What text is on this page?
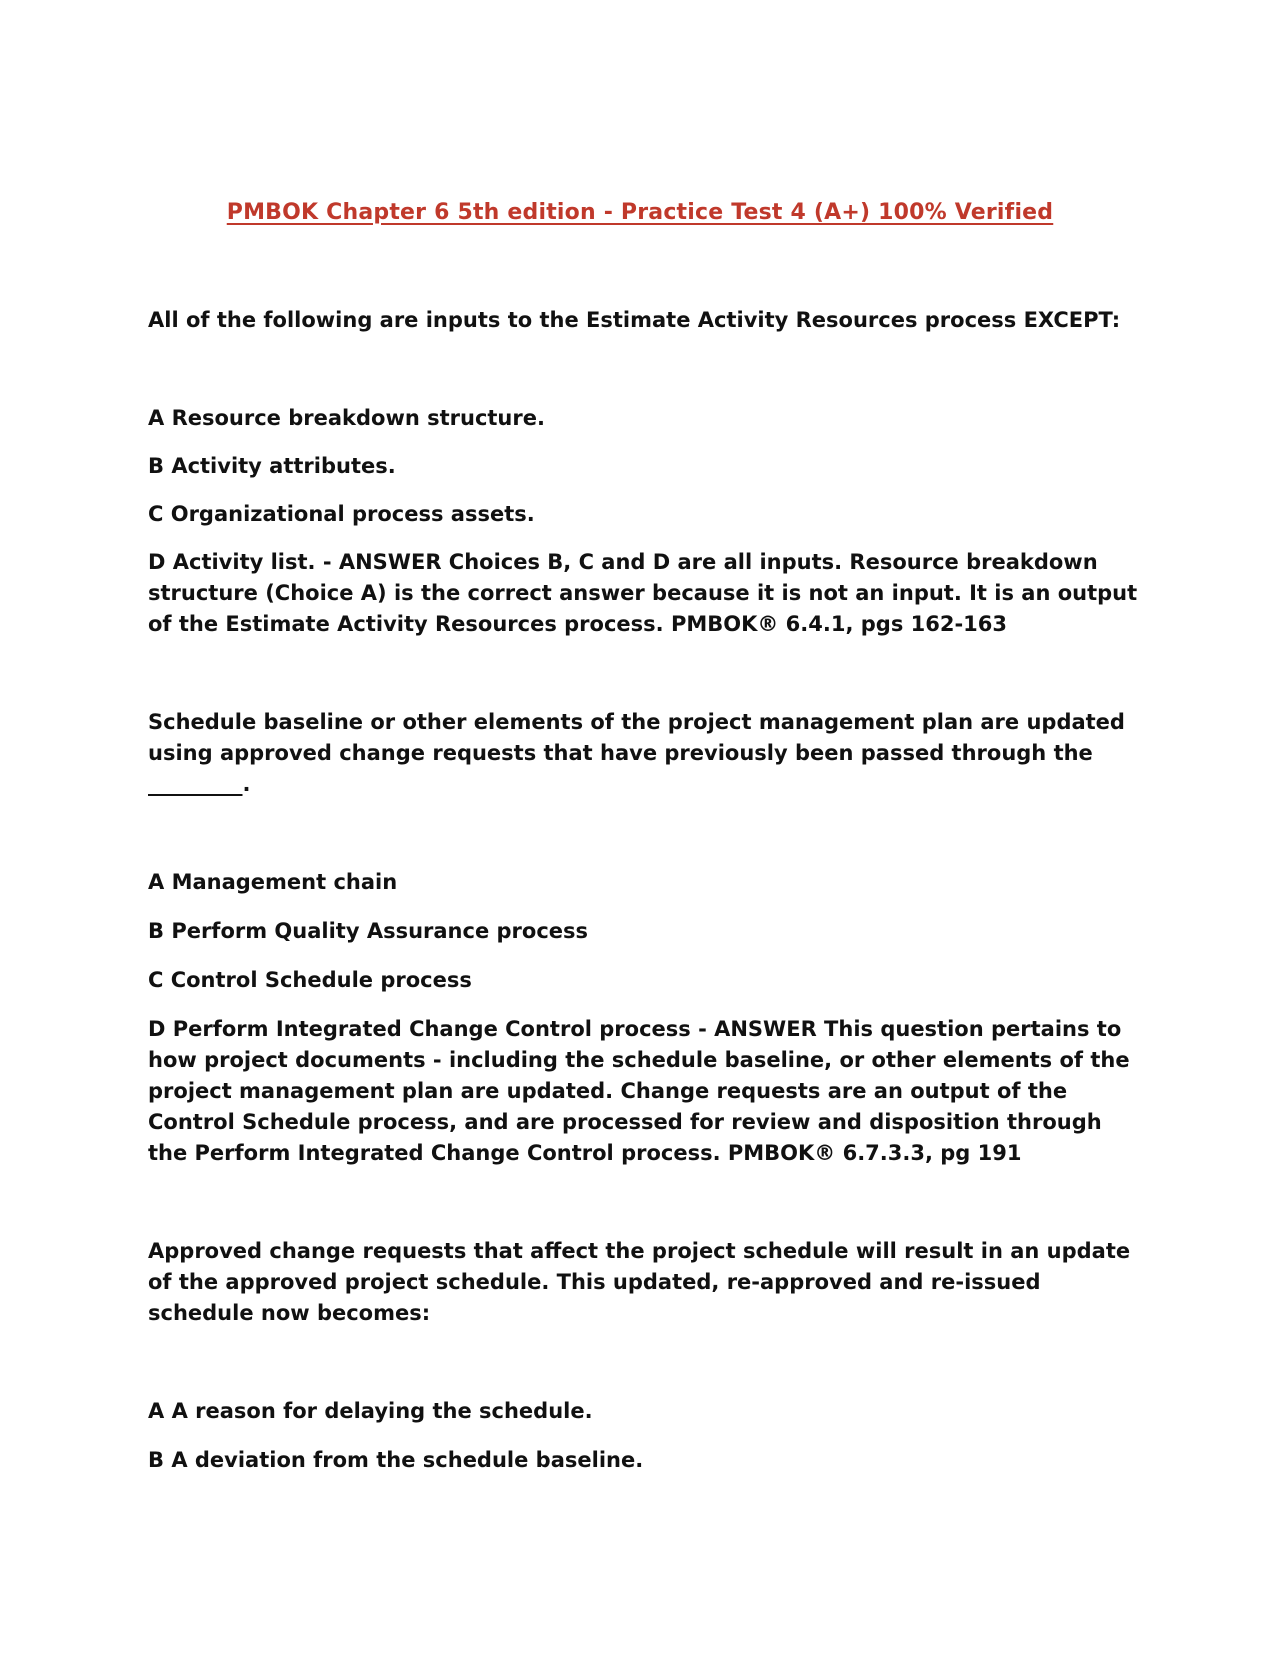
PMBOK Chapter 6 5th edition - Practice Test 4 (A+) 100% Verified

All of the following are inputs to the Estimate Activity Resources process EXCEPT:

A Resource breakdown structure.
B Activity attributes.
C Organizational process assets.
D Activity list. - ANSWER Choices B, C and D are all inputs. Resource breakdown structure (Choice A) is the correct answer because it is not an input. It is an output of the Estimate Activity Resources process. PMBOK® 6.4.1, pgs 162-163

Schedule baseline or other elements of the project management plan are updated using approved change requests that have previously been passed through the _________.

A Management chain
B Perform Quality Assurance process
C Control Schedule process
D Perform Integrated Change Control process - ANSWER This question pertains to how project documents - including the schedule baseline, or other elements of the project management plan are updated. Change requests are an output of the Control Schedule process, and are processed for review and disposition through the Perform Integrated Change Control process. PMBOK® 6.7.3.3, pg 191

Approved change requests that affect the project schedule will result in an update of the approved project schedule. This updated, re-approved and re-issued schedule now becomes:

A A reason for delaying the schedule.
B A deviation from the schedule baseline.
